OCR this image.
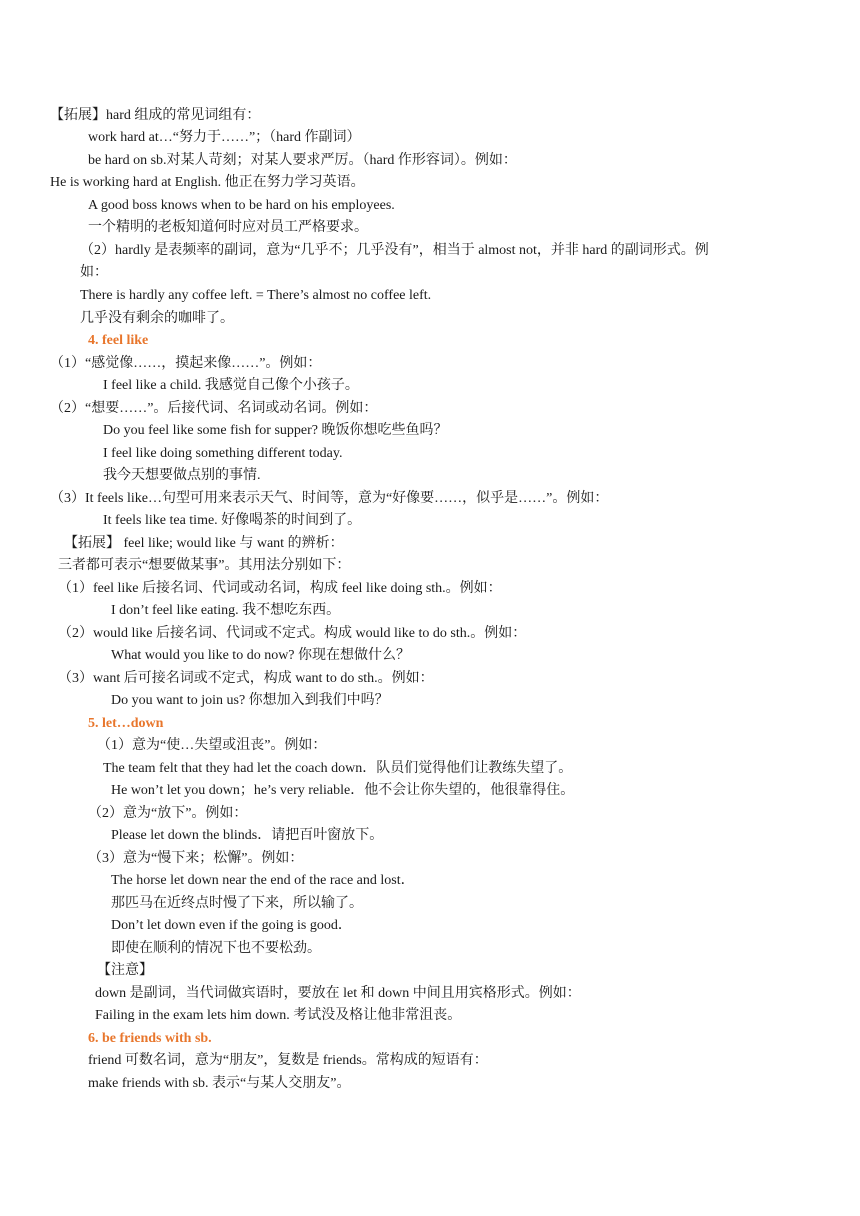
【拓展】hard 组成的常见词组有：
work hard at…“努力于……”；（hard 作副词）
be hard on sb.对某人苛刻；对某人要求严厉。（hard 作形容词）。例如：
He is working hard at English. 他正在努力学习英语。
A good boss knows when to be hard on his employees.
一个精明的老板知道何时应对员工严格要求。
（2）hardly 是表频率的副词，意为“几乎不；几乎没有”，相当于 almost not，并非 hard 的副词形式。例
如：
There is hardly any coffee left. = There’s almost no coffee left.
几乎没有剩余的咖啡了。
4. feel like
（1）“感觉像……，摸起来像……”。例如：
I feel like a child. 我感觉自己像个小孩子。
（2）“想要……”。后接代词、名词或动名词。例如：
Do you feel like some fish for supper? 晚饭你想吃些鱼吗？
I feel like doing something different today.
我今天想要做点别的事情.
（3）It feels like…句型可用来表示天气、时间等，意为“好像要……，似乎是……”。例如：
It feels like tea time. 好像喝茶的时间到了。
【拓展】 feel like; would like 与 want 的辨析：
三者都可表示“想要做某事”。其用法分别如下：
（1）feel like 后接名词、代词或动名词，构成 feel like doing sth.。例如：
I don’t feel like eating. 我不想吃东西。
（2）would like 后接名词、代词或不定式。构成 would like to do sth.。例如：
What would you like to do now? 你现在想做什么？
（3）want 后可接名词或不定式，构成 want to do sth.。例如：
Do you want to join us? 你想加入到我们中吗？
5. let…down
（1）意为“使…失望或沮丧”。例如：
The team felt that they had let the coach down．队员们觉得他们让教练失望了。
He won’t let you down；he’s very reliable．他不会让你失望的，他很靠得住。
（2）意为“放下”。例如：
Please let down the blinds．请把百叶窗放下。
（3）意为“慢下来；松懈”。例如：
The horse let down near the end of the race and lost．
那匹马在近终点时慢了下来，所以输了。
Don’t let down even if the going is good．
即使在顺利的情况下也不要松劲。
【注意】
down 是副词，当代词做宾语时，要放在 let 和 down 中间且用宾格形式。例如：
Failing in the exam lets him down. 考试没及格让他非常沮丧。
6. be friends with sb.
friend 可数名词，意为“朋友”，复数是 friends。常构成的短语有：
make friends with sb. 表示“与某人交朋友”。
